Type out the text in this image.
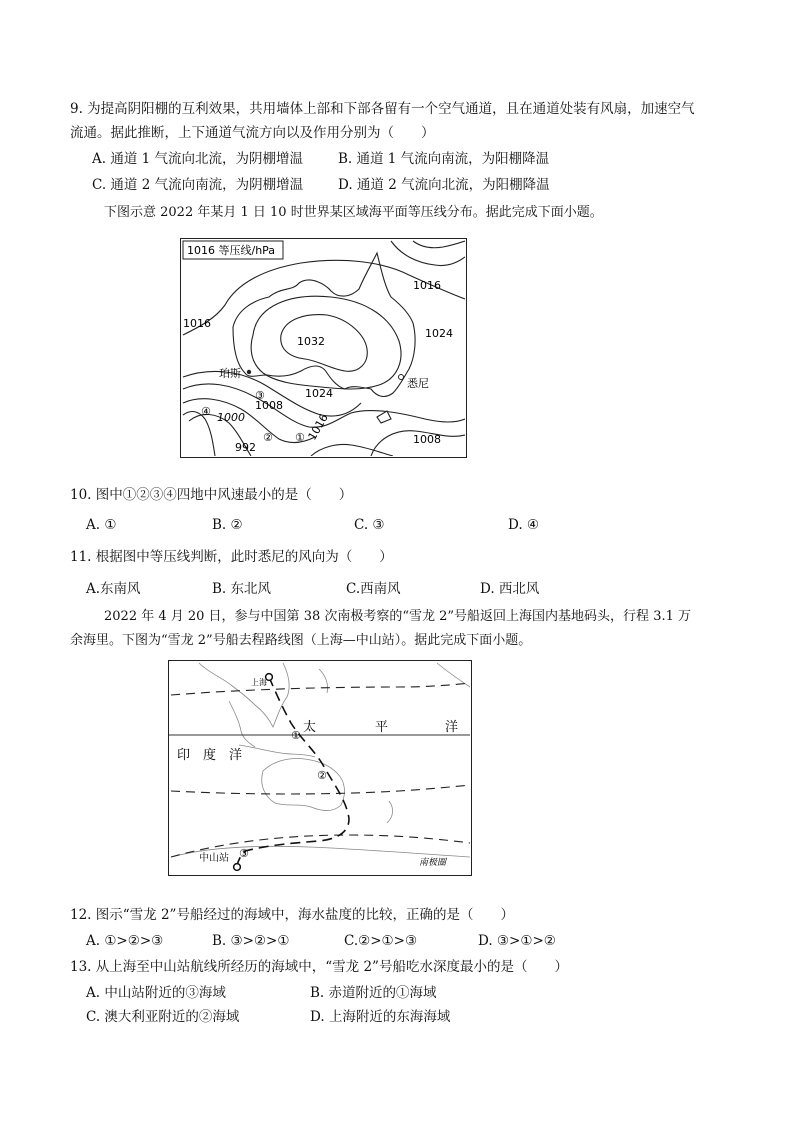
9. 为提高阴阳棚的互利效果，共用墙体上部和下部各留有一个空气通道，且在通道处装有风扇，加速空气
流通。据此推断，上下通道气流方向以及作用分别为（　　）
A. 通道 1 气流向北流，为阴棚增温	B. 通道 1 气流向南流，为阳棚降温
C. 通道 2 气流向南流，为阴棚增温	D. 通道 2 气流向北流，为阳棚降温
下图示意 2022 年某月 1 日 10 时世界某区域海平面等压线分布。据此完成下面小题。
1016 等压线/hPa
1016
1016
1016
1024
1024
1032
1008
1008
1000
992
珀斯
悉尼
①
②
③
④
10. 图中①②③④四地中风速最小的是（　　）
A. ①	B. ②	C. ③	D. ④
11. 根据图中等压线判断，此时悉尼的风向为（　　）
A.东南风	B. 东北风	C.西南风	D. 西北风
2022 年 4 月 20 日，参与中国第 38 次南极考察的“雪龙 2”号船返回上海国内基地码头，行程 3.1 万
余海里。下图为“雪龙 2”号船去程路线图（上海—中山站）。据此完成下面小题。
上海
太	平	洋
印　度　洋
中山站	南极圈
①
②
③
12. 图示“雪龙 2”号船经过的海域中，海水盐度的比较，正确的是（　　）
A. ①>②>③	B. ③>②>①	C.②>①>③	D. ③>①>②
13. 从上海至中山站航线所经历的海域中，“雪龙 2”号船吃水深度最小的是（　　）
A. 中山站附近的③海域	B. 赤道附近的①海域
C. 澳大利亚附近的②海域	D. 上海附近的东海海域
